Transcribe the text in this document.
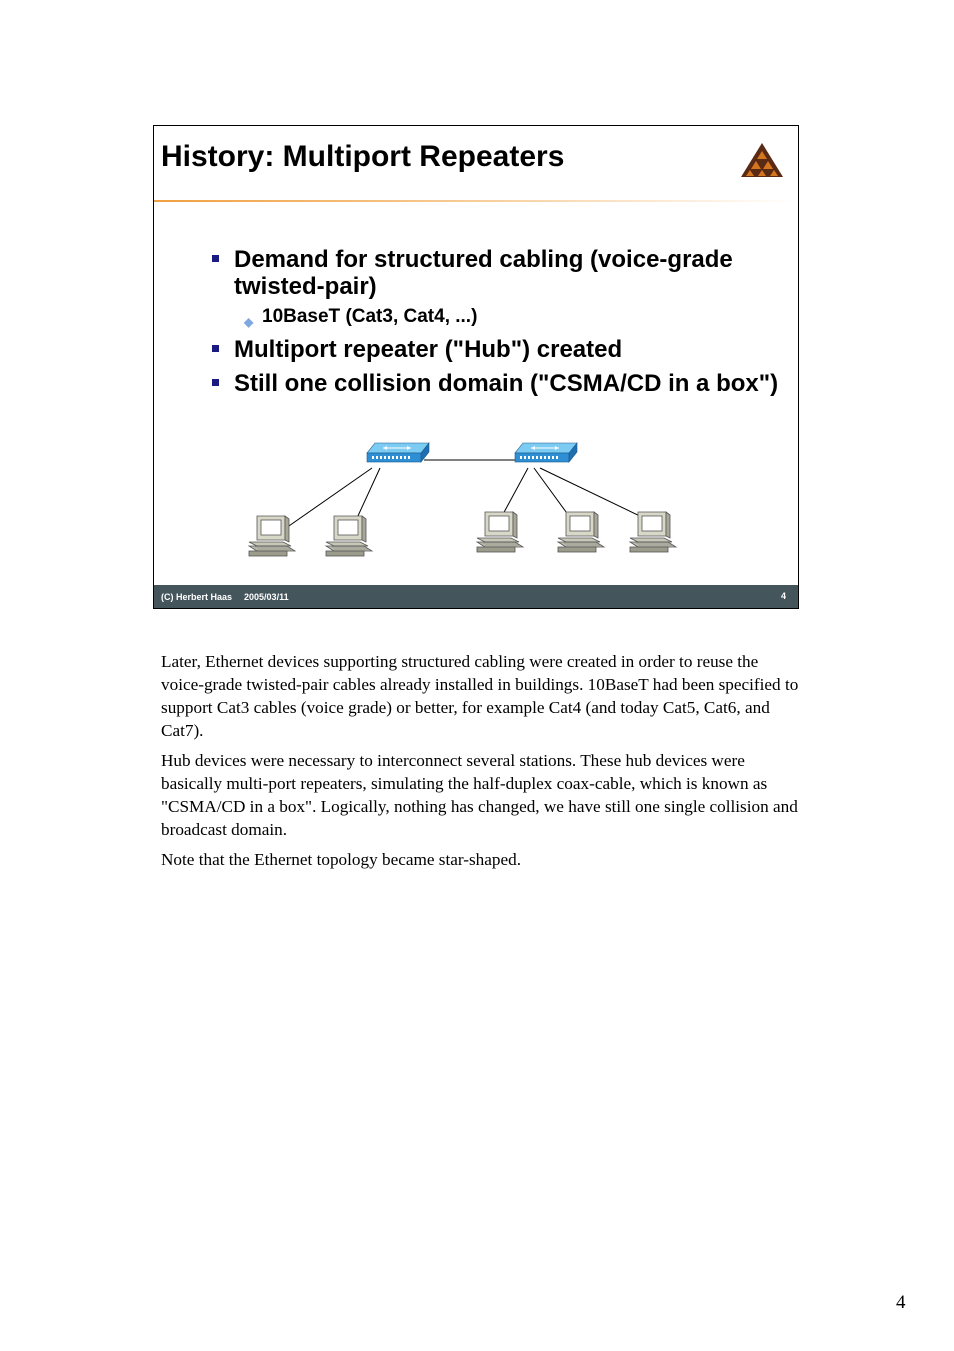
History: Multiport Repeaters
Demand for structured cabling (voice-grade twisted-pair)
◆ 10BaseT (Cat3, Cat4, ...)
Multiport repeater ("Hub") created
Still one collision domain ("CSMA/CD in a box")
(C) Herbert Haas 2005/03/11	4

Later, Ethernet devices supporting structured cabling were created in order to reuse the voice-grade twisted-pair cables already installed in buildings. 10BaseT had been specified to support Cat3 cables (voice grade) or better, for example Cat4 (and today Cat5, Cat6, and Cat7).

Hub devices were necessary to interconnect several stations. These hub devices were basically multi-port repeaters, simulating the half-duplex coax-cable, which is known as "CSMA/CD in a box". Logically, nothing has changed, we have still one single collision and broadcast domain.

Note that the Ethernet topology became star-shaped.

4
